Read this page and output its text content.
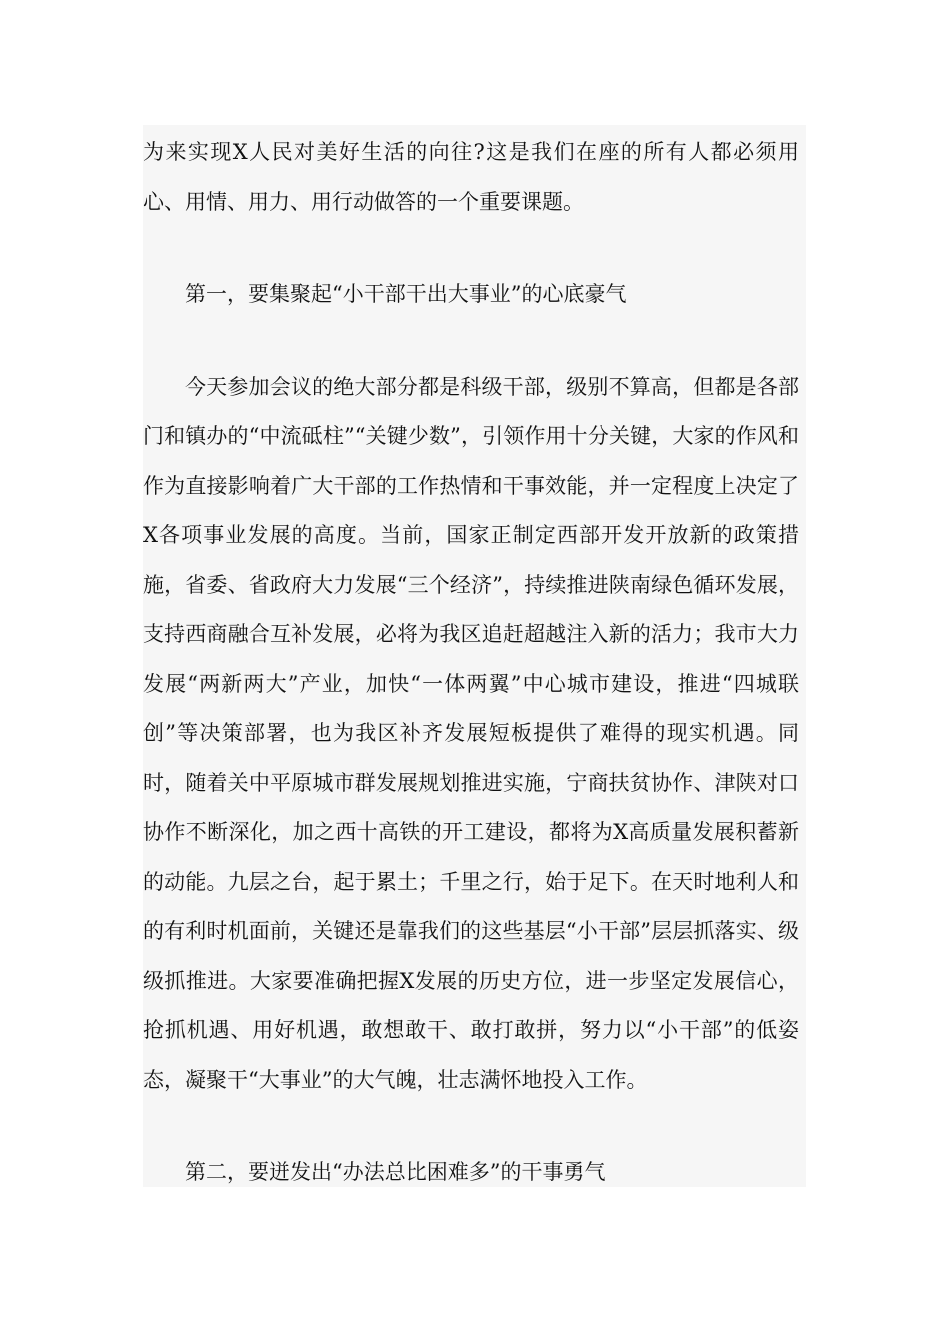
为来实现X人民对美好生活的向往?这是我们在座的所有人都必须用心、用情、用力、用行动做答的一个重要课题。

第一，要集聚起“小干部干出大事业”的心底豪气

今天参加会议的绝大部分都是科级干部，级别不算高，但都是各部门和镇办的“中流砥柱”“关键少数”，引领作用十分关键，大家的作风和作为直接影响着广大干部的工作热情和干事效能，并一定程度上决定了X各项事业发展的高度。当前，国家正制定西部开发开放新的政策措施，省委、省政府大力发展“三个经济”，持续推进陕南绿色循环发展，支持西商融合互补发展，必将为我区追赶超越注入新的活力；我市大力发展“两新两大”产业，加快“一体两翼”中心城市建设，推进“四城联创”等决策部署，也为我区补齐发展短板提供了难得的现实机遇。同时，随着关中平原城市群发展规划推进实施，宁商扶贫协作、津陕对口协作不断深化，加之西十高铁的开工建设，都将为X高质量发展积蓄新的动能。九层之台，起于累土；千里之行，始于足下。在天时地利人和的有利时机面前，关键还是靠我们的这些基层“小干部”层层抓落实、级级抓推进。大家要准确把握X发展的历史方位，进一步坚定发展信心，抢抓机遇、用好机遇，敢想敢干、敢打敢拼，努力以“小干部”的低姿态，凝聚干“大事业”的大气魄，壮志满怀地投入工作。

第二，要迸发出“办法总比困难多”的干事勇气
